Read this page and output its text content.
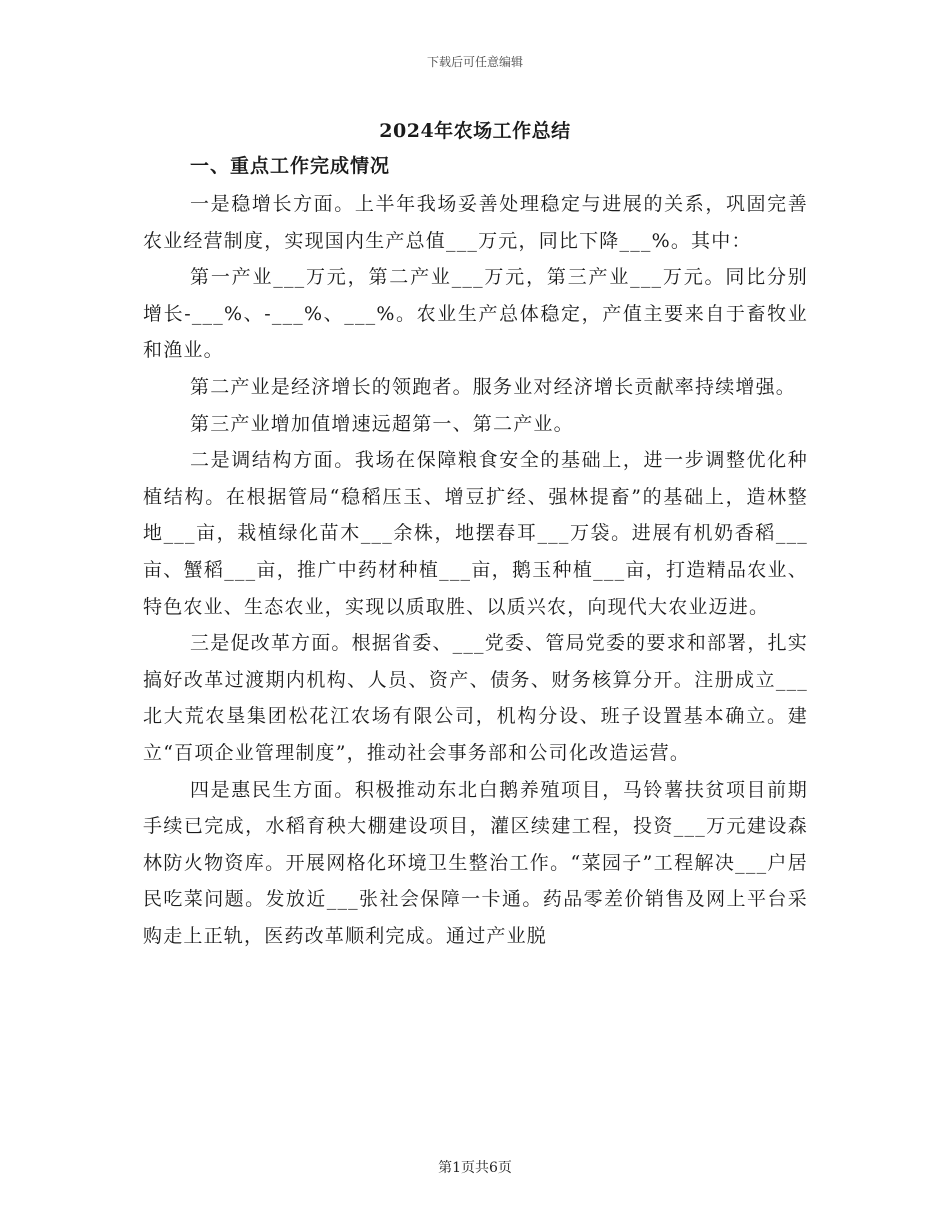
下载后可任意编辑
2024年农场工作总结
一、重点工作完成情况

一是稳增长方面。上半年我场妥善处理稳定与进展的关系，巩固完善农业经营制度，实现国内生产总值___万元，同比下降___%。其中：

第一产业___万元，第二产业___万元，第三产业___万元。同比分别增长-___%、-___%、___%。农业生产总体稳定，产值主要来自于畜牧业和渔业。

第二产业是经济增长的领跑者。服务业对经济增长贡献率持续增强。

第三产业增加值增速远超第一、第二产业。

二是调结构方面。我场在保障粮食安全的基础上，进一步调整优化种植结构。在根据管局“稳稻压玉、增豆扩经、强林提畜”的基础上，造林整地___亩，栽植绿化苗木___余株，地摆春耳___万袋。进展有机奶香稻___亩、蟹稻___亩，推广中药材种植___亩，鹅玉种植___亩，打造精品农业、特色农业、生态农业，实现以质取胜、以质兴农，向现代大农业迈进。

三是促改革方面。根据省委、___党委、管局党委的要求和部署，扎实搞好改革过渡期内机构、人员、资产、债务、财务核算分开。注册成立___北大荒农垦集团松花江农场有限公司，机构分设、班子设置基本确立。建立“百项企业管理制度”，推动社会事务部和公司化改造运营。

四是惠民生方面。积极推动东北白鹅养殖项目，马铃薯扶贫项目前期手续已完成，水稻育秧大棚建设项目，灌区续建工程，投资___万元建设森林防火物资库。开展网格化环境卫生整治工作。“菜园子”工程解决___户居民吃菜问题。发放近___张社会保障一卡通。药品零差价销售及网上平台采购走上正轨，医药改革顺利完成。通过产业脱

第1页共6页
